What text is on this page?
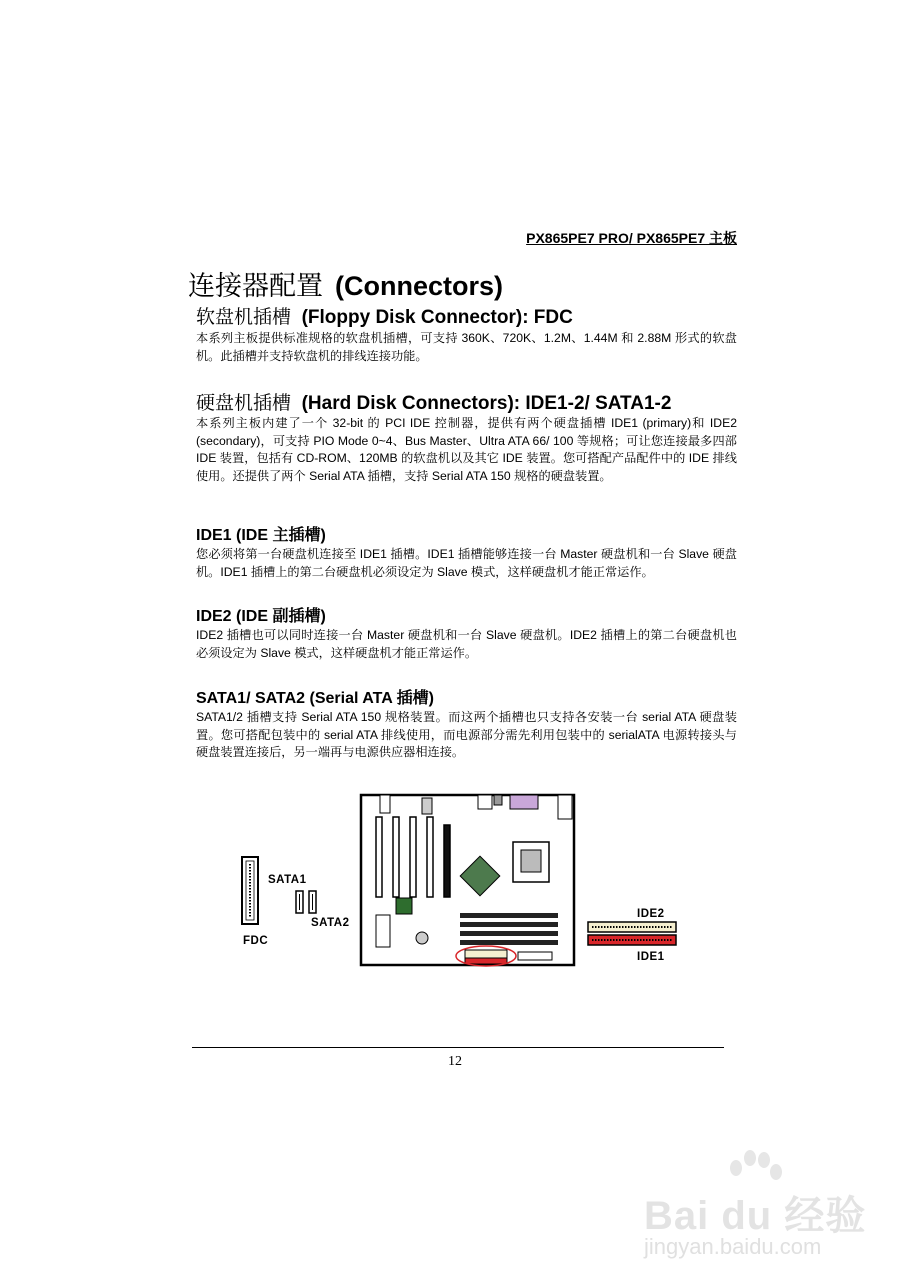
PX865PE7 PRO/ PX865PE7 主板
连接器配置 (Connectors)
软盘机插槽 (Floppy Disk Connector): FDC
本系列主板提供标准规格的软盘机插槽，可支持 360K、720K、1.2M、1.44M 和 2.88M 形式的软盘机。此插槽并支持软盘机的排线连接功能。
硬盘机插槽 (Hard Disk Connectors): IDE1-2/ SATA1-2
本系列主板内建了一个 32-bit 的 PCI IDE 控制器，提供有两个硬盘插槽 IDE1 (primary)和 IDE2 (secondary)，可支持 PIO Mode 0~4、Bus Master、Ultra ATA 66/ 100 等规格；可让您连接最多四部 IDE 装置，包括有 CD-ROM、120MB 的软盘机以及其它 IDE 装置。您可搭配产品配件中的 IDE 排线使用。还提供了两个 Serial ATA 插槽，支持 Serial ATA 150 规格的硬盘装置。
IDE1 (IDE 主插槽)
您必须将第一台硬盘机连接至 IDE1 插槽。IDE1 插槽能够连接一台 Master 硬盘机和一台 Slave 硬盘机。IDE1 插槽上的第二台硬盘机必须设定为 Slave 模式，这样硬盘机才能正常运作。
IDE2 (IDE 副插槽)
IDE2 插槽也可以同时连接一台 Master 硬盘机和一台 Slave 硬盘机。IDE2 插槽上的第二台硬盘机也必须设定为 Slave 模式，这样硬盘机才能正常运作。
SATA1/ SATA2 (Serial ATA 插槽)
SATA1/2 插槽支持 Serial ATA 150 规格装置。而这两个插槽也只支持各安装一台 serial ATA 硬盘装置。您可搭配包装中的 serial ATA 排线使用，而电源部分需先利用包装中的 serialATA 电源转接头与硬盘装置连接后，另一端再与电源供应器相连接。
SATA1
SATA2
FDC
IDE2
IDE1
12
Bai du 经验
jingyan.baidu.com
